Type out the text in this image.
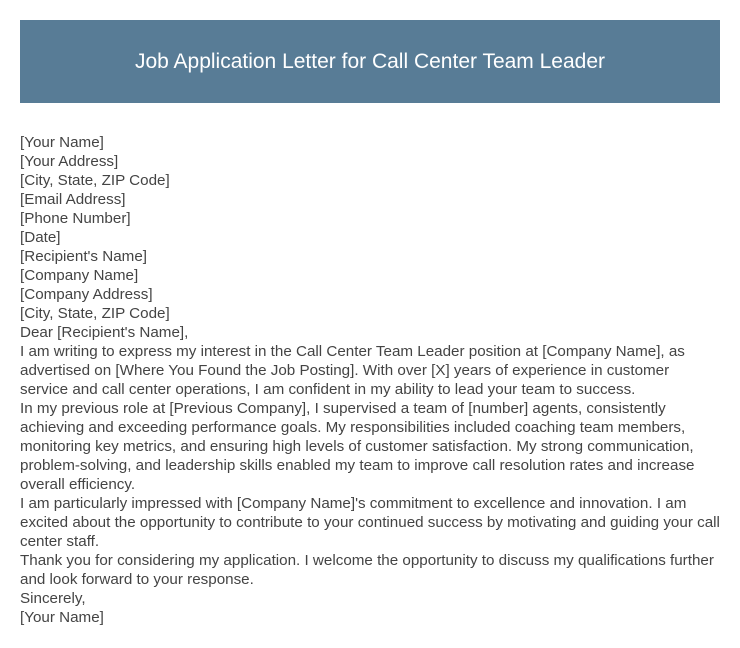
Job Application Letter for Call Center Team Leader

[Your Name]

[Your Address]

[City, State, ZIP Code]

[Email Address]

[Phone Number]

[Date]

[Recipient's Name]

[Company Name]

[Company Address]

[City, State, ZIP Code]

Dear [Recipient's Name],

I am writing to express my interest in the Call Center Team Leader position at [Company Name], as advertised on [Where You Found the Job Posting]. With over [X] years of experience in customer service and call center operations, I am confident in my ability to lead your team to success.

In my previous role at [Previous Company], I supervised a team of [number] agents, consistently achieving and exceeding performance goals. My responsibilities included coaching team members, monitoring key metrics, and ensuring high levels of customer satisfaction. My strong communication, problem-solving, and leadership skills enabled my team to improve call resolution rates and increase overall efficiency.

I am particularly impressed with [Company Name]'s commitment to excellence and innovation. I am excited about the opportunity to contribute to your continued success by motivating and guiding your call center staff.

Thank you for considering my application. I welcome the opportunity to discuss my qualifications further and look forward to your response.

Sincerely,

[Your Name]
